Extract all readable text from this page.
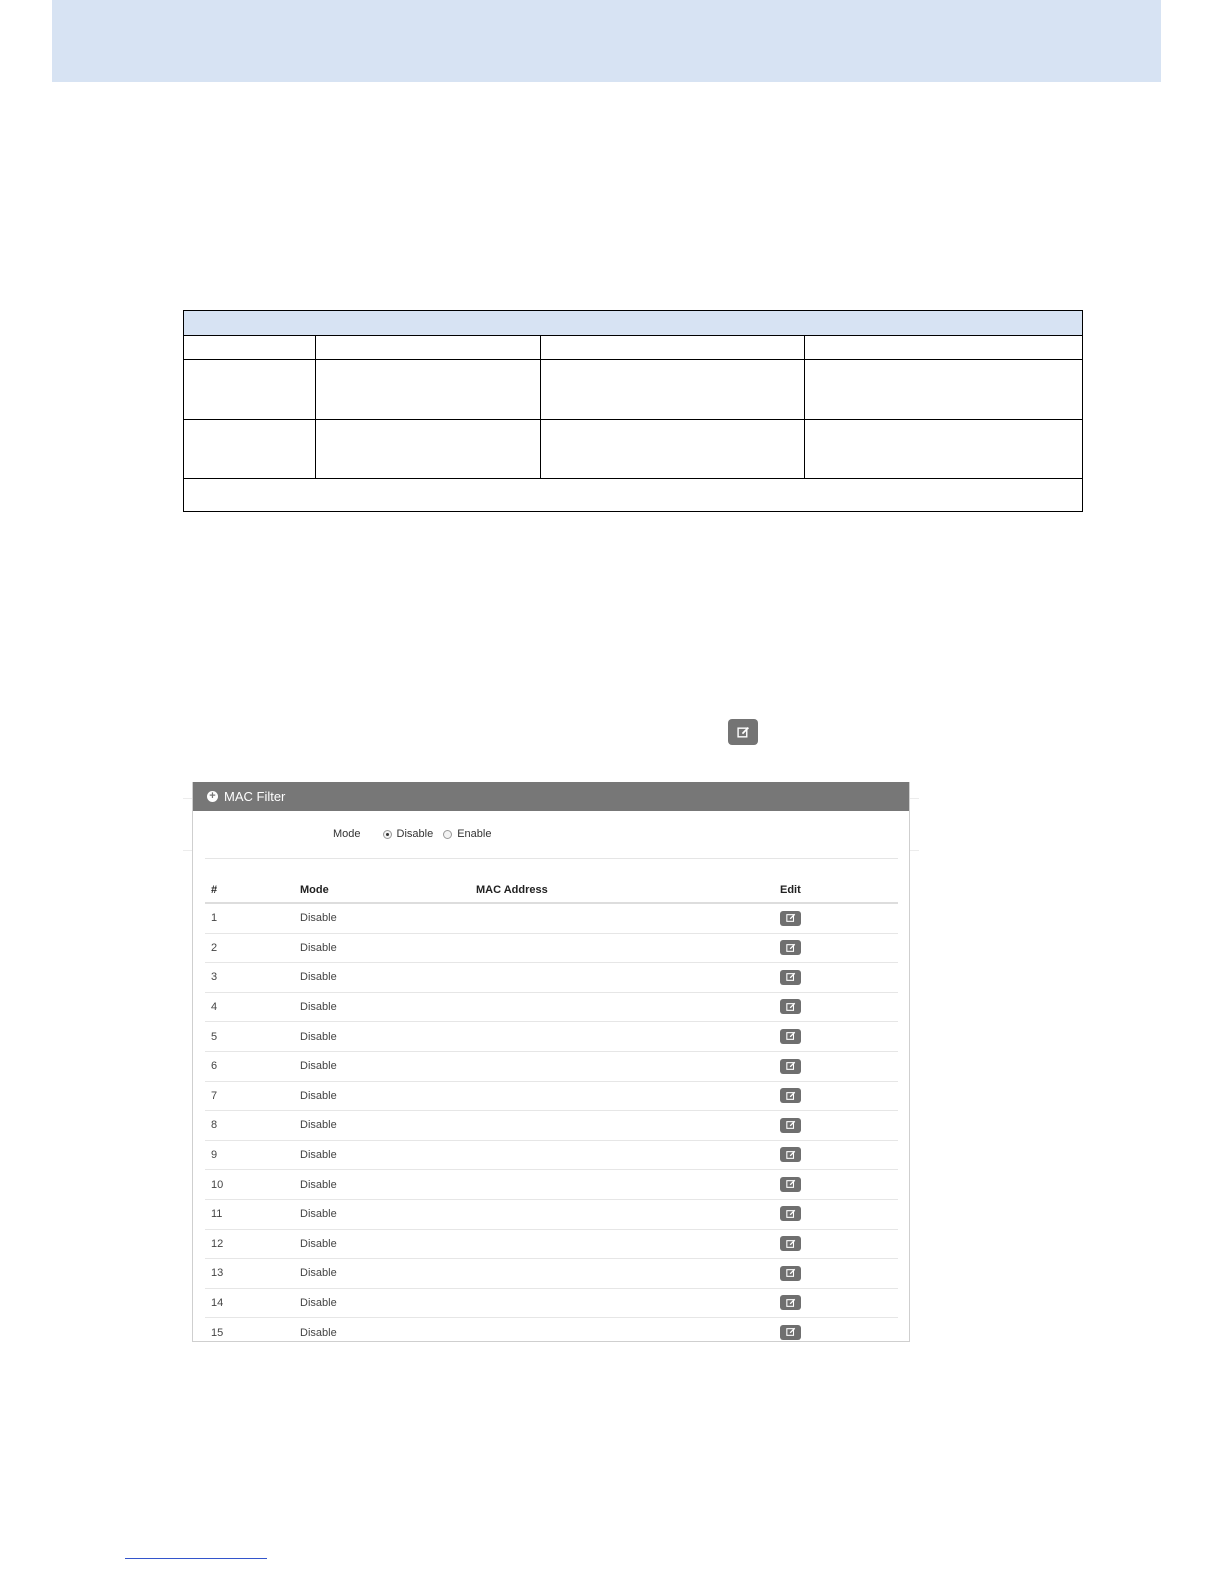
+ MAC Filter
Mode	Disable Enable
#	Mode	MAC Address	Edit
1	Disable		

2	Disable		

3	Disable		

4	Disable		

5	Disable		

6	Disable		

7	Disable		

8	Disable		

9	Disable		

10	Disable		

11	Disable		

12	Disable		

13	Disable		

14	Disable		

15	Disable		
